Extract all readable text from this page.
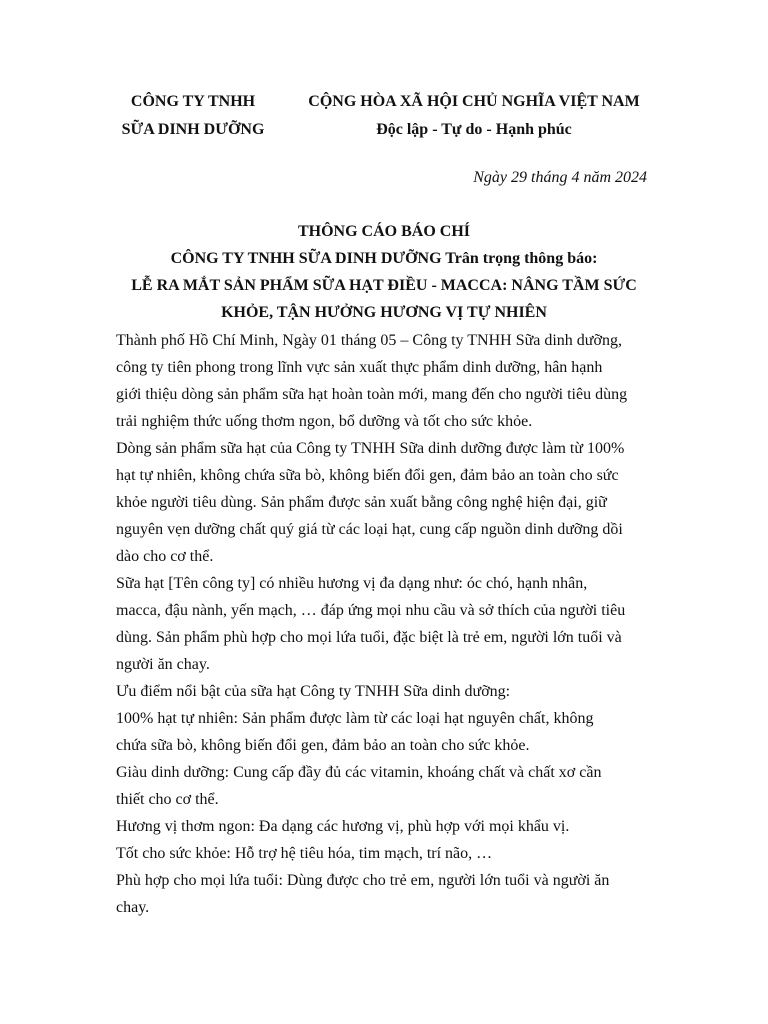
CÔNG TY TNHH
SỮA DINH DƯỠNG
CỘNG HÒA XÃ HỘI CHỦ NGHĨA VIỆT NAM
Độc lập - Tự do - Hạnh phúc
Ngày 29 tháng 4 năm 2024
THÔNG CÁO BÁO CHÍ
CÔNG TY TNHH SỮA DINH DƯỠNG Trân trọng thông báo:
LỄ RA MẮT SẢN PHẨM SỮA HẠT ĐIỀU - MACCA: NÂNG TẦM SỨC
KHỎE, TẬN HƯỞNG HƯƠNG VỊ TỰ NHIÊN
Thành phố Hồ Chí Minh, Ngày 01 tháng 05 – Công ty TNHH Sữa dinh dưỡng,
công ty tiên phong trong lĩnh vực sản xuất thực phẩm dinh dưỡng, hân hạnh
giới thiệu dòng sản phẩm sữa hạt hoàn toàn mới, mang đến cho người tiêu dùng
trải nghiệm thức uống thơm ngon, bổ dưỡng và tốt cho sức khỏe.
Dòng sản phẩm sữa hạt của Công ty TNHH Sữa dinh dưỡng được làm từ 100%
hạt tự nhiên, không chứa sữa bò, không biến đổi gen, đảm bảo an toàn cho sức
khỏe người tiêu dùng. Sản phẩm được sản xuất bằng công nghệ hiện đại, giữ
nguyên vẹn dưỡng chất quý giá từ các loại hạt, cung cấp nguồn dinh dưỡng dồi
dào cho cơ thể.
Sữa hạt [Tên công ty] có nhiều hương vị đa dạng như: óc chó, hạnh nhân,
macca, đậu nành, yến mạch, … đáp ứng mọi nhu cầu và sở thích của người tiêu
dùng. Sản phẩm phù hợp cho mọi lứa tuổi, đặc biệt là trẻ em, người lớn tuổi và
người ăn chay.
Ưu điểm nổi bật của sữa hạt Công ty TNHH Sữa dinh dưỡng:
100% hạt tự nhiên: Sản phẩm được làm từ các loại hạt nguyên chất, không
chứa sữa bò, không biến đổi gen, đảm bảo an toàn cho sức khỏe.
Giàu dinh dưỡng: Cung cấp đầy đủ các vitamin, khoáng chất và chất xơ cần
thiết cho cơ thể.
Hương vị thơm ngon: Đa dạng các hương vị, phù hợp với mọi khẩu vị.
Tốt cho sức khỏe: Hỗ trợ hệ tiêu hóa, tim mạch, trí não, …
Phù hợp cho mọi lứa tuổi: Dùng được cho trẻ em, người lớn tuổi và người ăn
chay.
